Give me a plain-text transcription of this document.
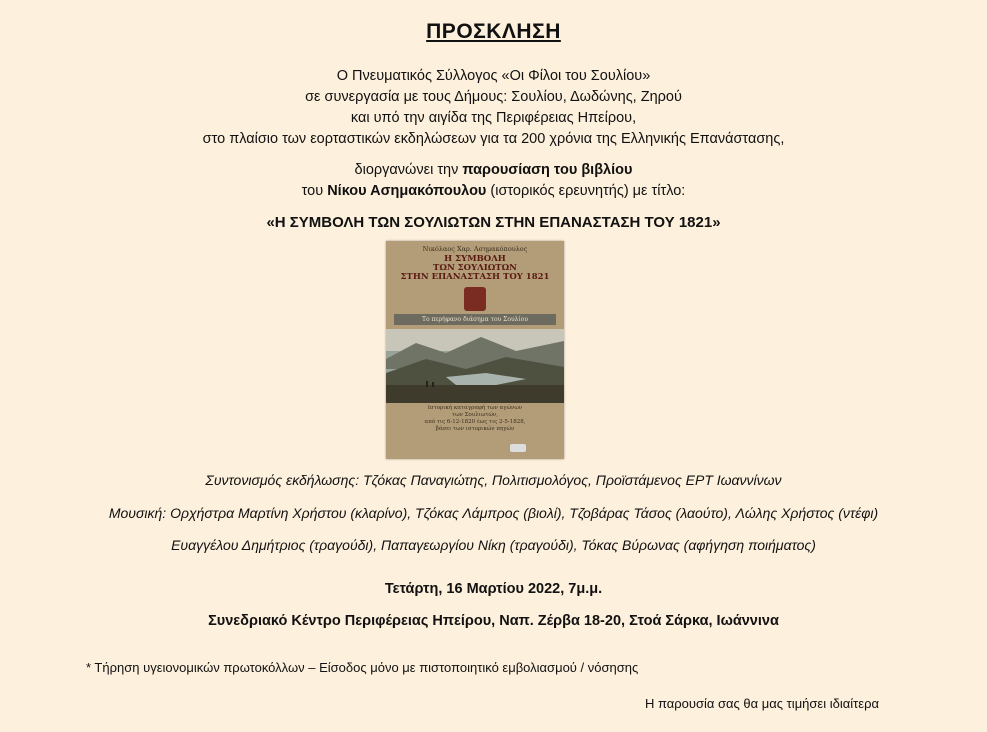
ΠΡΟΣΚΛΗΣΗ
Ο Πνευματικός Σύλλογος «Οι Φίλοι του Σουλίου»
σε συνεργασία με τους Δήμους: Σουλίου, Δωδώνης, Ζηρού
και υπό την αιγίδα της Περιφέρειας Ηπείρου,
στο πλαίσιο των εορταστικών εκδηλώσεων για τα 200 χρόνια της Ελληνικής Επανάστασης,
διοργανώνει την παρουσίαση του βιβλίου
του Νίκου Ασημακόπουλου (ιστορικός ερευνητής) με τίτλο:
«Η ΣΥΜΒΟΛΗ ΤΩΝ ΣΟΥΛΙΩΤΩΝ ΣΤΗΝ ΕΠΑΝΑΣΤΑΣΗ ΤΟΥ 1821»
Νικόλαος Χαρ. Ασημακόπουλος
Η ΣΥΜΒΟΛΗ
ΤΩΝ ΣΟΥΛΙΩΤΩΝ
ΣΤΗΝ ΕΠΑΝΑΣΤΑΣΗ ΤΟΥ 1821
Το περήφανο διάσημα του Σουλίου
Ιστορική καταγραφή των αγώνων
των Σουλιωτών,
από τις 6-12-1820 έως τις 2-5-1828,
βάσει των ιστορικών πηγών
Συντονισμός εκδήλωσης: Τζόκας Παναγιώτης, Πολιτισμολόγος, Προϊστάμενος ΕΡΤ Ιωαννίνων
Μουσική: Ορχήστρα Μαρτίνη Χρήστου (κλαρίνο), Τζόκας Λάμπρος (βιολί), Τζοβάρας Τάσος (λαούτο), Λώλης Χρήστος (ντέφι)
Ευαγγέλου Δημήτριος (τραγούδι), Παπαγεωργίου Νίκη (τραγούδι), Τόκας Βύρωνας (αφήγηση ποιήματος)
Τετάρτη, 16 Μαρτίου 2022, 7μ.μ.
Συνεδριακό Κέντρο Περιφέρειας Ηπείρου, Ναπ. Ζέρβα 18-20, Στοά Σάρκα, Ιωάννινα
* Τήρηση υγειονομικών πρωτοκόλλων – Είσοδος μόνο με πιστοποιητικό εμβολιασμού / νόσησης
Η παρουσία σας θα μας τιμήσει ιδιαίτερα
